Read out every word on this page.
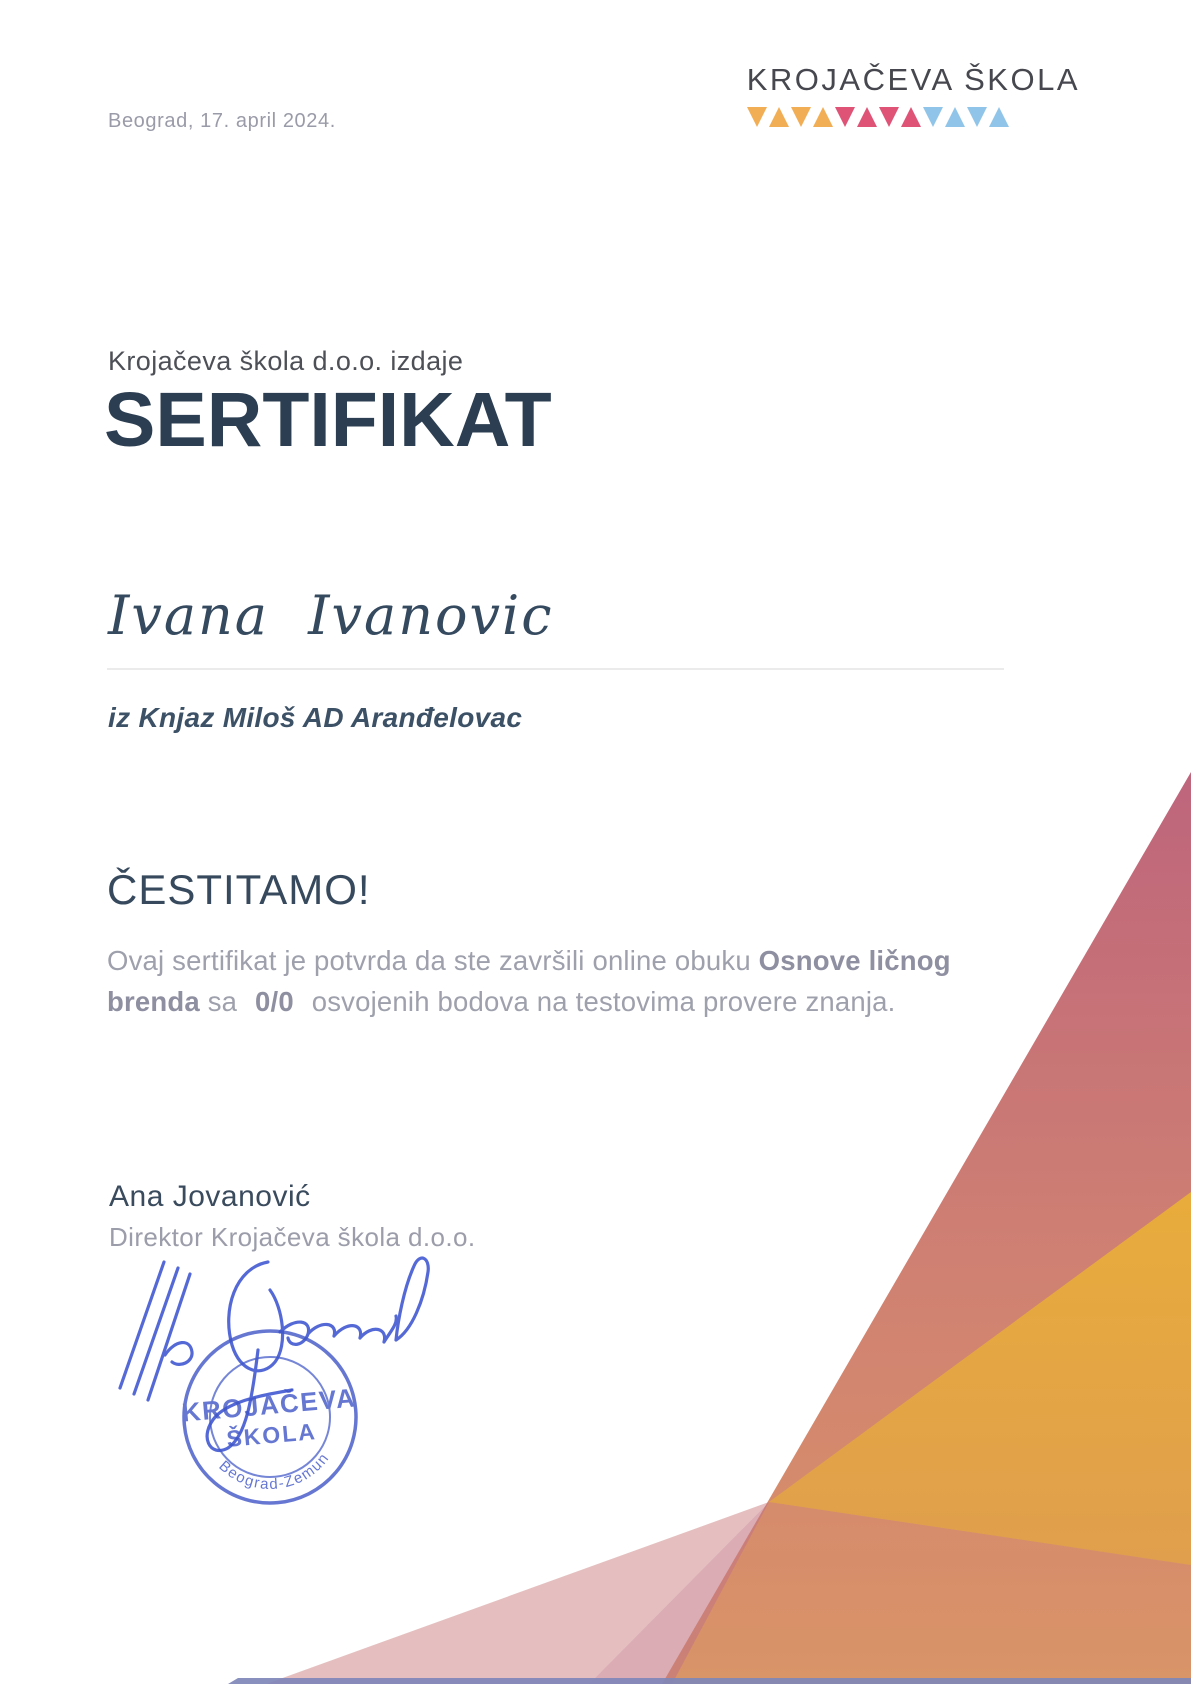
Beograd, 17. april 2024.
KROJAČEVA ŠKOLA
Krojačeva škola d.o.o. izdaje
SERTIFIKAT
Ivana Ivanovic
iz Knjaz Miloš AD Aranđelovac
ČESTITAMO!
Ovaj sertifikat je potvrda da ste završili online obuku Osnove ličnog
brenda sa 0/0 osvojenih bodova na testovima provere znanja.
Ana Jovanović
Direktor Krojačeva škola d.o.o.
KROJAČEVA
ŠKOLA
Beograd-Zemun
